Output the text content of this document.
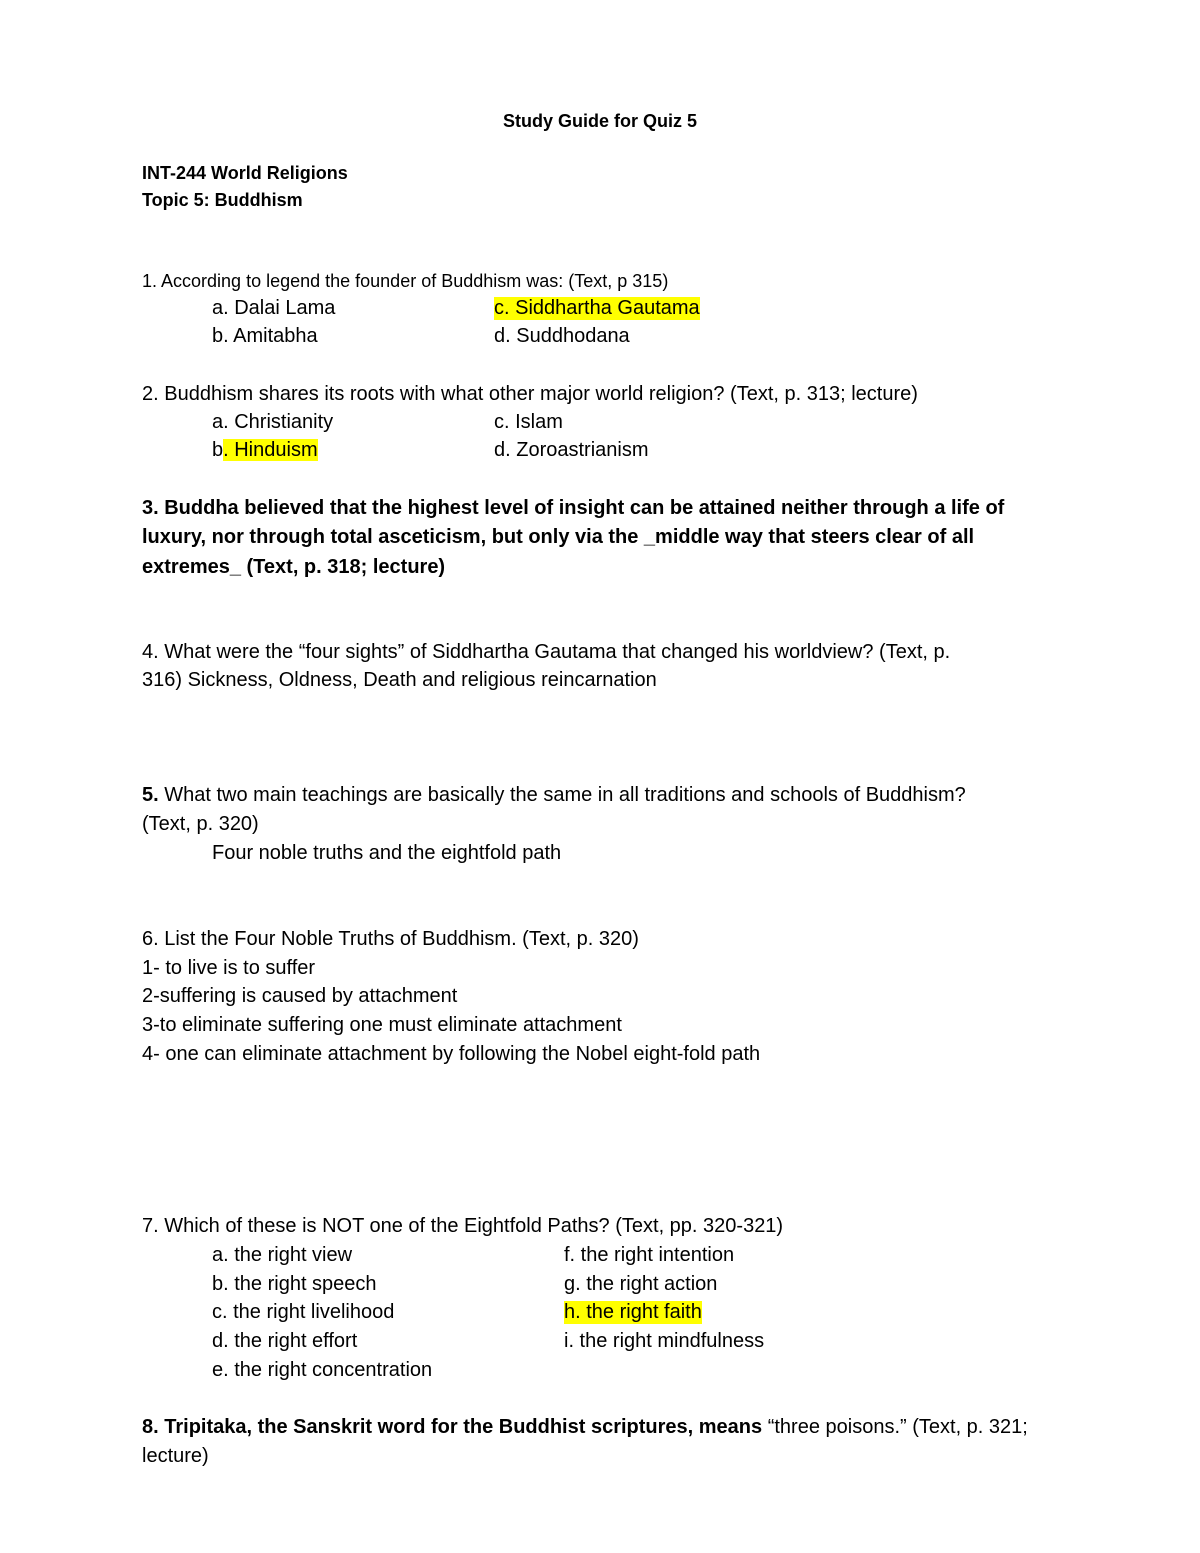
Study Guide for Quiz 5
INT-244 World Religions
Topic 5: Buddhism
1. According to legend the founder of Buddhism was: (Text, p 315)
a. Dalai Lama
b. Amitabha
c. Siddhartha Gautama
d. Suddhodana
2. Buddhism shares its roots with what other major world religion? (Text, p. 313; lecture)
a. Christianity
b. Hinduism
c. Islam
d. Zoroastrianism
3. Buddha believed that the highest level of insight can be attained neither through a life of
luxury, nor through total asceticism, but only via the _middle way that steers clear of all
extremes_ (Text, p. 318; lecture)
4. What were the “four sights” of Siddhartha Gautama that changed his worldview? (Text, p.
316) Sickness, Oldness, Death and religious reincarnation
5. What two main teachings are basically the same in all traditions and schools of Buddhism?
(Text, p. 320)
Four noble truths and the eightfold path
6. List the Four Noble Truths of Buddhism. (Text, p. 320)
1- to live is to suffer
2-suffering is caused by attachment
3-to eliminate suffering one must eliminate attachment
4- one can eliminate attachment by following the Nobel eight-fold path
7. Which of these is NOT one of the Eightfold Paths? (Text, pp. 320-321)
a. the right view
b. the right speech
c. the right livelihood
d. the right effort
e. the right concentration
f. the right intention
g. the right action
h. the right faith
i. the right mindfulness
8. Tripitaka, the Sanskrit word for the Buddhist scriptures, means “three poisons.” (Text, p. 321;
lecture)
